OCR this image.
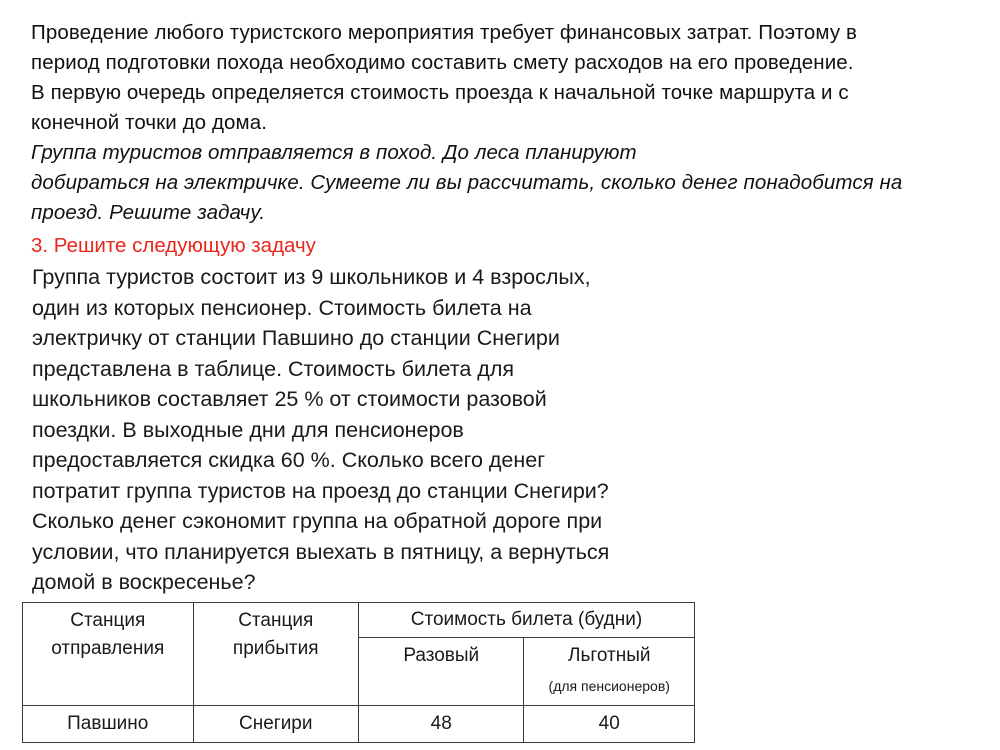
Проведение любого туристского мероприятия требует финансовых затрат. Поэтому в

период подготовки похода необходимо составить смету расходов на его проведение.

В первую очередь определяется стоимость проезда к начальной точке маршрута и с

конечной точки до дома.

Группа туристов отправляется в поход. До леса планируют

добираться на электричке. Сумеете ли вы рассчитать, сколько денег понадобится на

проезд. Решите задачу.

3. Решите следующую задачу
Группа туристов состоит из 9 школьников и 4 взрослых,
один из которых пенсионер. Стоимость билета на
электричку от станции Павшино до станции Снегири
представлена в таблице. Стоимость билета для
школьников составляет 25 % от стоимости разовой
поездки. В выходные дни для пенсионеров
предоставляется скидка 60 %. Сколько всего денег
потратит группа туристов на проезд до станции Снегири?
Сколько денег сэкономит группа на обратной дороге при
условии, что планируется выехать в пятницу, а вернуться
домой в воскресенье?
Станция
отправления	Станция
прибытия	Стоимость билета (будни)	
		Разовый	Льготный
(для пенсионеров)

Павшино	Снегири	48	40
